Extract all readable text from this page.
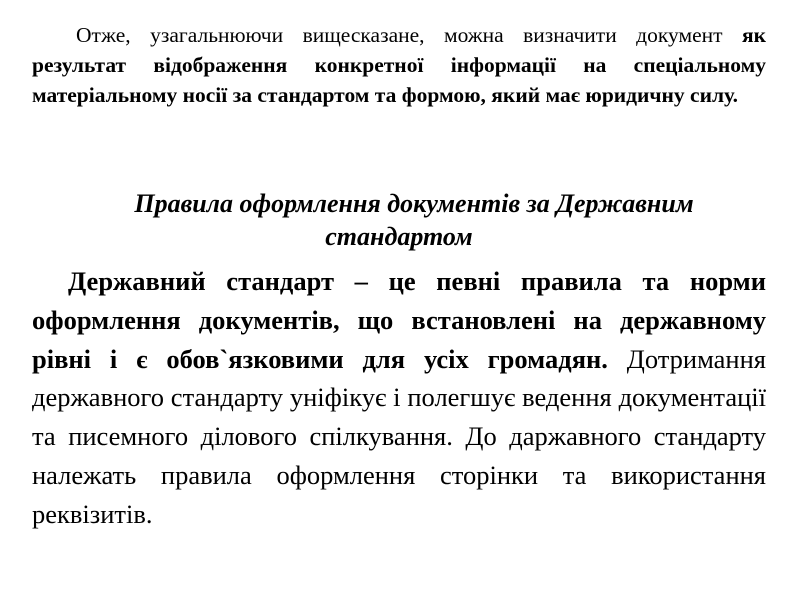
Отже, узагальнюючи вищесказане, можна визначити документ як результат відображення конкретної інформації на спеціальному матеріальному носії за стандартом та формою, який має юридичну силу.

Правила оформлення документів за Державним
стандартом

Державний стандарт – це певні правила та норми оформлення документів, що встановлені на державному рівні і є обов`язковими для усіх громадян. Дотримання державного стандарту уніфікує і полегшує ведення документації та писемного ділового спілкування. До даржавного стандарту належать правила оформлення сторінки та використання реквізитів.
